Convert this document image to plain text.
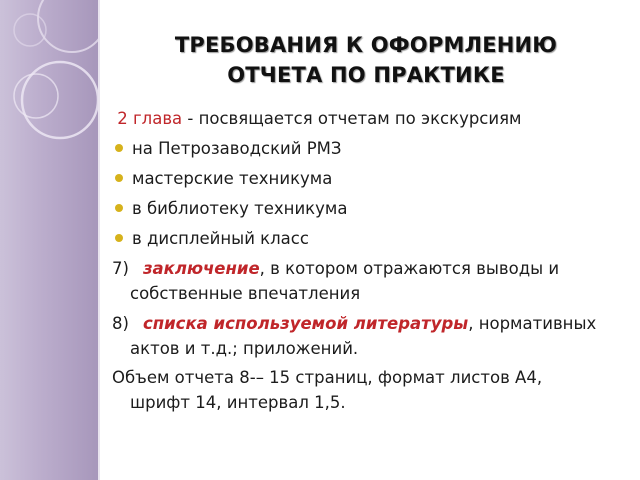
ТРЕБОВАНИЯ К ОФОРМЛЕНИЮ
ОТЧЕТА ПО ПРАКТИКЕ
2 глава - посвящается отчетам по экскурсиям
на Петрозаводский РМЗ
мастерские техникума
в библиотеку техникума
в дисплейный класс
7) заключение, в котором отражаются выводы и
собственные впечатления
8) списка используемой литературы, нормативных
актов и т.д.; приложений.
Объем отчета 8-– 15 страниц, формат листов А4,
шрифт 14, интервал 1,5.
